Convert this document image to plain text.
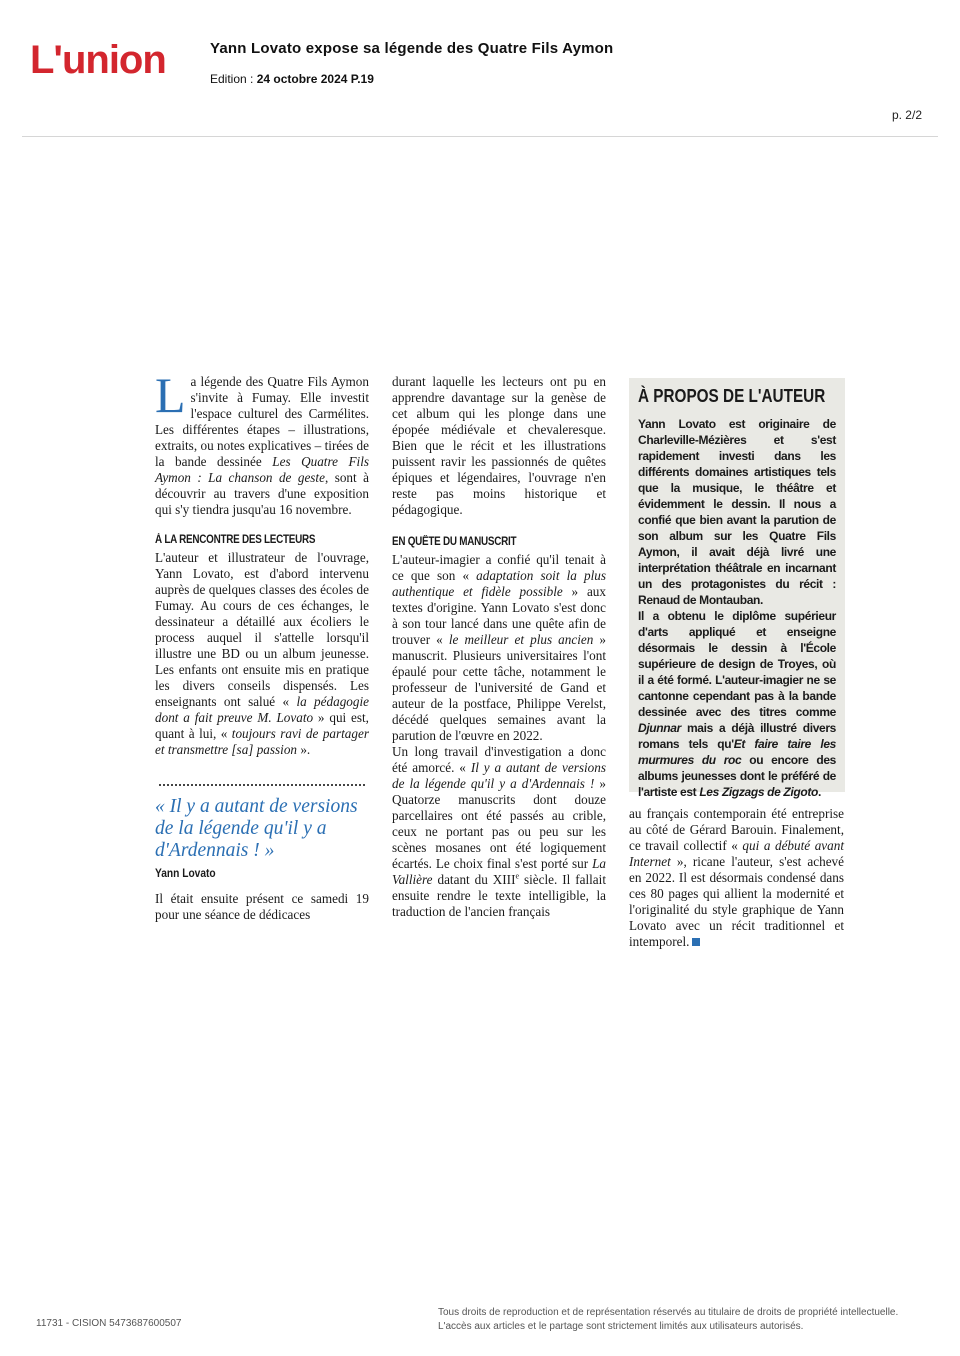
L'union	Yann Lovato expose sa légende des Quatre Fils Aymon
Edition : 24 octobre 2024 P.19
p. 2/2

La légende des Quatre Fils Aymon s'invite à Fumay. Elle investit l'espace culturel des Carmélites. Les différentes étapes – illustrations, extraits, ou notes explicatives – tirées de la bande dessinée Les Quatre Fils Aymon : La chanson de geste, sont à découvrir au travers d'une exposition qui s'y tiendra jusqu'au 16 novembre.

À LA RENCONTRE DES LECTEURS

L'auteur et illustrateur de l'ouvrage, Yann Lovato, est d'abord intervenu auprès de quelques classes des écoles de Fumay. Au cours de ces échanges, le dessinateur a détaillé aux écoliers le process auquel il s'attelle lorsqu'il illustre une BD ou un album jeunesse. Les enfants ont ensuite mis en pratique les divers conseils dispensés. Les enseignants ont salué « la pédagogie dont a fait preuve M. Lovato » qui est, quant à lui, « toujours ravi de partager et transmettre [sa] passion ».

« Il y a autant de versions de la légende qu'il y a d'Ardennais ! »
Yann Lovato

Il était ensuite présent ce samedi 19 pour une séance de dédicaces

durant laquelle les lecteurs ont pu en apprendre davantage sur la genèse de cet album qui les plonge dans une épopée médiévale et chevaleresque. Bien que le récit et les illustrations puissent ravir les passionnés de quêtes épiques et légendaires, l'ouvrage n'en reste pas moins historique et pédagogique.

EN QUÊTE DU MANUSCRIT

L'auteur-imagier a confié qu'il tenait à ce que son « adaptation soit la plus authentique et fidèle possible » aux textes d'origine. Yann Lovato s'est donc à son tour lancé dans une quête afin de trouver « le meilleur et plus ancien » manuscrit. Plusieurs universitaires l'ont épaulé pour cette tâche, notamment le professeur de l'université de Gand et auteur de la postface, Philippe Verelst, décédé quelques semaines avant la parution de l'œuvre en 2022.

Un long travail d'investigation a donc été amorcé. « Il y a autant de versions de la légende qu'il y a d'Ardennais ! » Quatorze manuscrits dont douze parcellaires ont été passés au crible, ceux ne portant pas ou peu sur les scènes mosanes ont été logiquement écartés. Le choix final s'est porté sur La Vallière datant du XIIIe siècle. Il fallait ensuite rendre le texte intelligible, la traduction de l'ancien français

À PROPOS DE L'AUTEUR

Yann Lovato est originaire de Charleville-Mézières et s'est rapidement investi dans les différents domaines artistiques tels que la musique, le théâtre et évidemment le dessin. Il nous a confié que bien avant la parution de son album sur les Quatre Fils Aymon, il avait déjà livré une interprétation théâtrale en incarnant un des protagonistes du récit : Renaud de Montauban.

Il a obtenu le diplôme supérieur d'arts appliqué et enseigne désormais le dessin à l'École supérieure de design de Troyes, où il a été formé. L'auteur-imagier ne se cantonne cependant pas à la bande dessinée avec des titres comme Djunnar mais a déjà illustré divers romans tels qu'Et faire taire les murmures du roc ou encore des albums jeunesses dont le préféré de l'artiste est Les Zigzags de Zigoto.

au français contemporain été entreprise au côté de Gérard Barouin. Finalement, ce travail collectif « qui a débuté avant Internet », ricane l'auteur, s'est achevé en 2022. Il est désormais condensé dans ces 80 pages qui allient la modernité et l'originalité du style graphique de Yann Lovato avec un récit traditionnel et intemporel.

11731 - CISION 5473687600507
Tous droits de reproduction et de représentation réservés au titulaire de droits de propriété intellectuelle.
L'accès aux articles et le partage sont strictement limités aux utilisateurs autorisés.
